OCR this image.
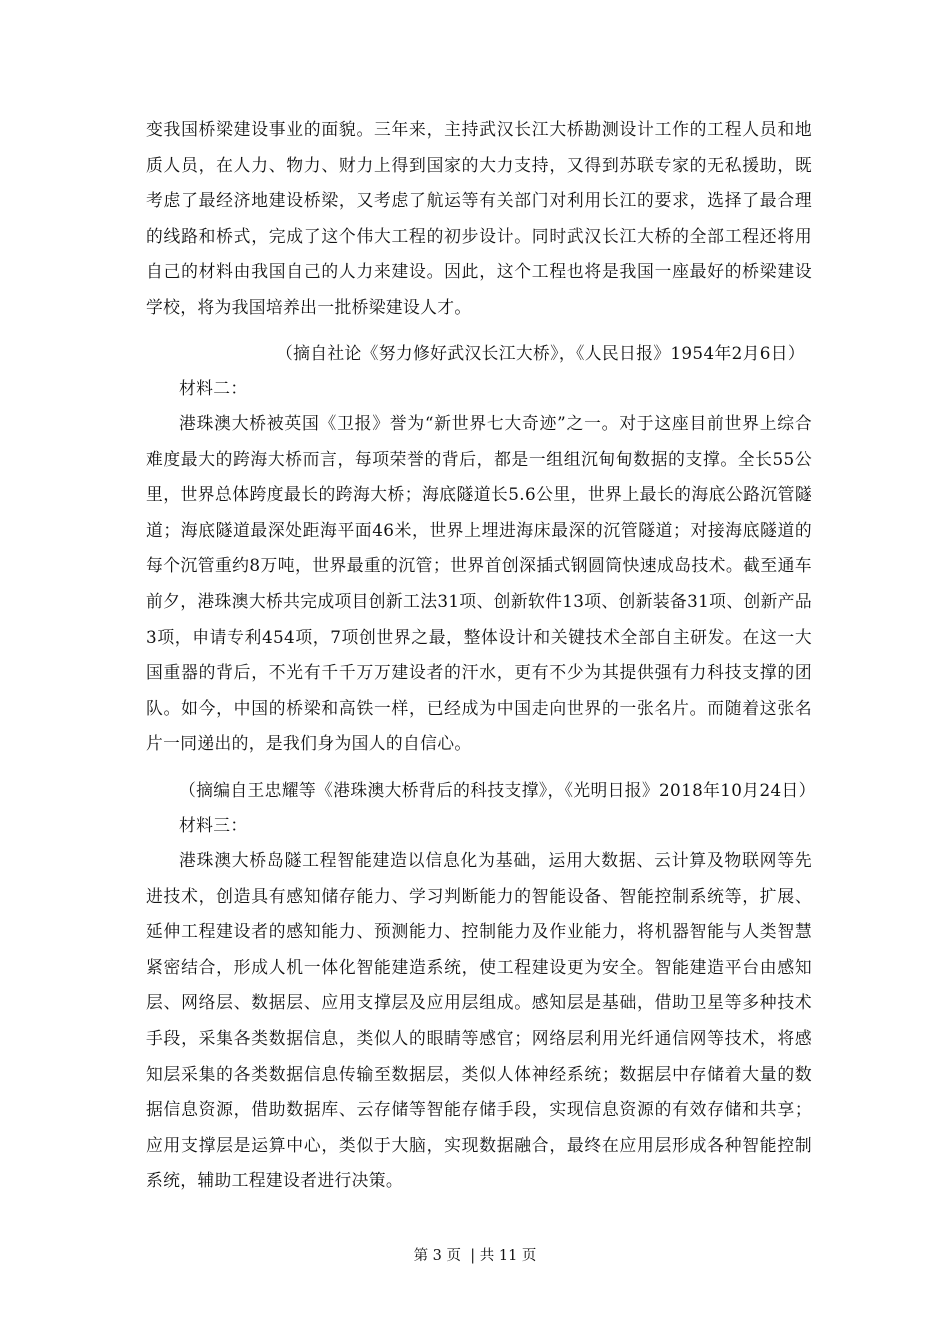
变我国桥梁建设事业的面貌。三年来，主持武汉长江大桥勘测设计工作的工程人员和地质人员，在人力、物力、财力上得到国家的大力支持，又得到苏联专家的无私援助，既考虑了最经济地建设桥梁，又考虑了航运等有关部门对利用长江的要求，选择了最合理的线路和桥式，完成了这个伟大工程的初步设计。同时武汉长江大桥的全部工程还将用自己的材料由我国自己的人力来建设。因此，这个工程也将是我国一座最好的桥梁建设学校，将为我国培养出一批桥梁建设人才。

（摘自社论《努力修好武汉长江大桥》，《人民日报》1954年2月6日）

材料二：

港珠澳大桥被英国《卫报》誉为“新世界七大奇迹”之一。对于这座目前世界上综合难度最大的跨海大桥而言，每项荣誉的背后，都是一组组沉甸甸数据的支撑。全长55公里，世界总体跨度最长的跨海大桥；海底隧道长5.6公里，世界上最长的海底公路沉管隧道；海底隧道最深处距海平面46米，世界上埋进海床最深的沉管隧道；对接海底隧道的每个沉管重约8万吨，世界最重的沉管；世界首创深插式钢圆筒快速成岛技术。截至通车前夕，港珠澳大桥共完成项目创新工法31项、创新软件13项、创新装备31项、创新产品3项，申请专利454项，7项创世界之最，整体设计和关键技术全部自主研发。在这一大国重器的背后，不光有千千万万建设者的汗水，更有不少为其提供强有力科技支撑的团队。如今，中国的桥梁和高铁一样，已经成为中国走向世界的一张名片。而随着这张名片一同递出的，是我们身为国人的自信心。

（摘编自王忠耀等《港珠澳大桥背后的科技支撑》，《光明日报》2018年10月24日）

材料三：

港珠澳大桥岛隧工程智能建造以信息化为基础，运用大数据、云计算及物联网等先进技术，创造具有感知储存能力、学习判断能力的智能设备、智能控制系统等，扩展、延伸工程建设者的感知能力、预测能力、控制能力及作业能力，将机器智能与人类智慧紧密结合，形成人机一体化智能建造系统，使工程建设更为安全。智能建造平台由感知层、网络层、数据层、应用支撑层及应用层组成。感知层是基础，借助卫星等多种技术手段，采集各类数据信息，类似人的眼睛等感官；网络层利用光纤通信网等技术，将感知层采集的各类数据信息传输至数据层，类似人体神经系统；数据层中存储着大量的数据信息资源，借助数据库、云存储等智能存储手段，实现信息资源的有效存储和共享；应用支撑层是运算中心，类似于大脑，实现数据融合，最终在应用层形成各种智能控制系统，辅助工程建设者进行决策。

第 3 页  | 共 11 页
